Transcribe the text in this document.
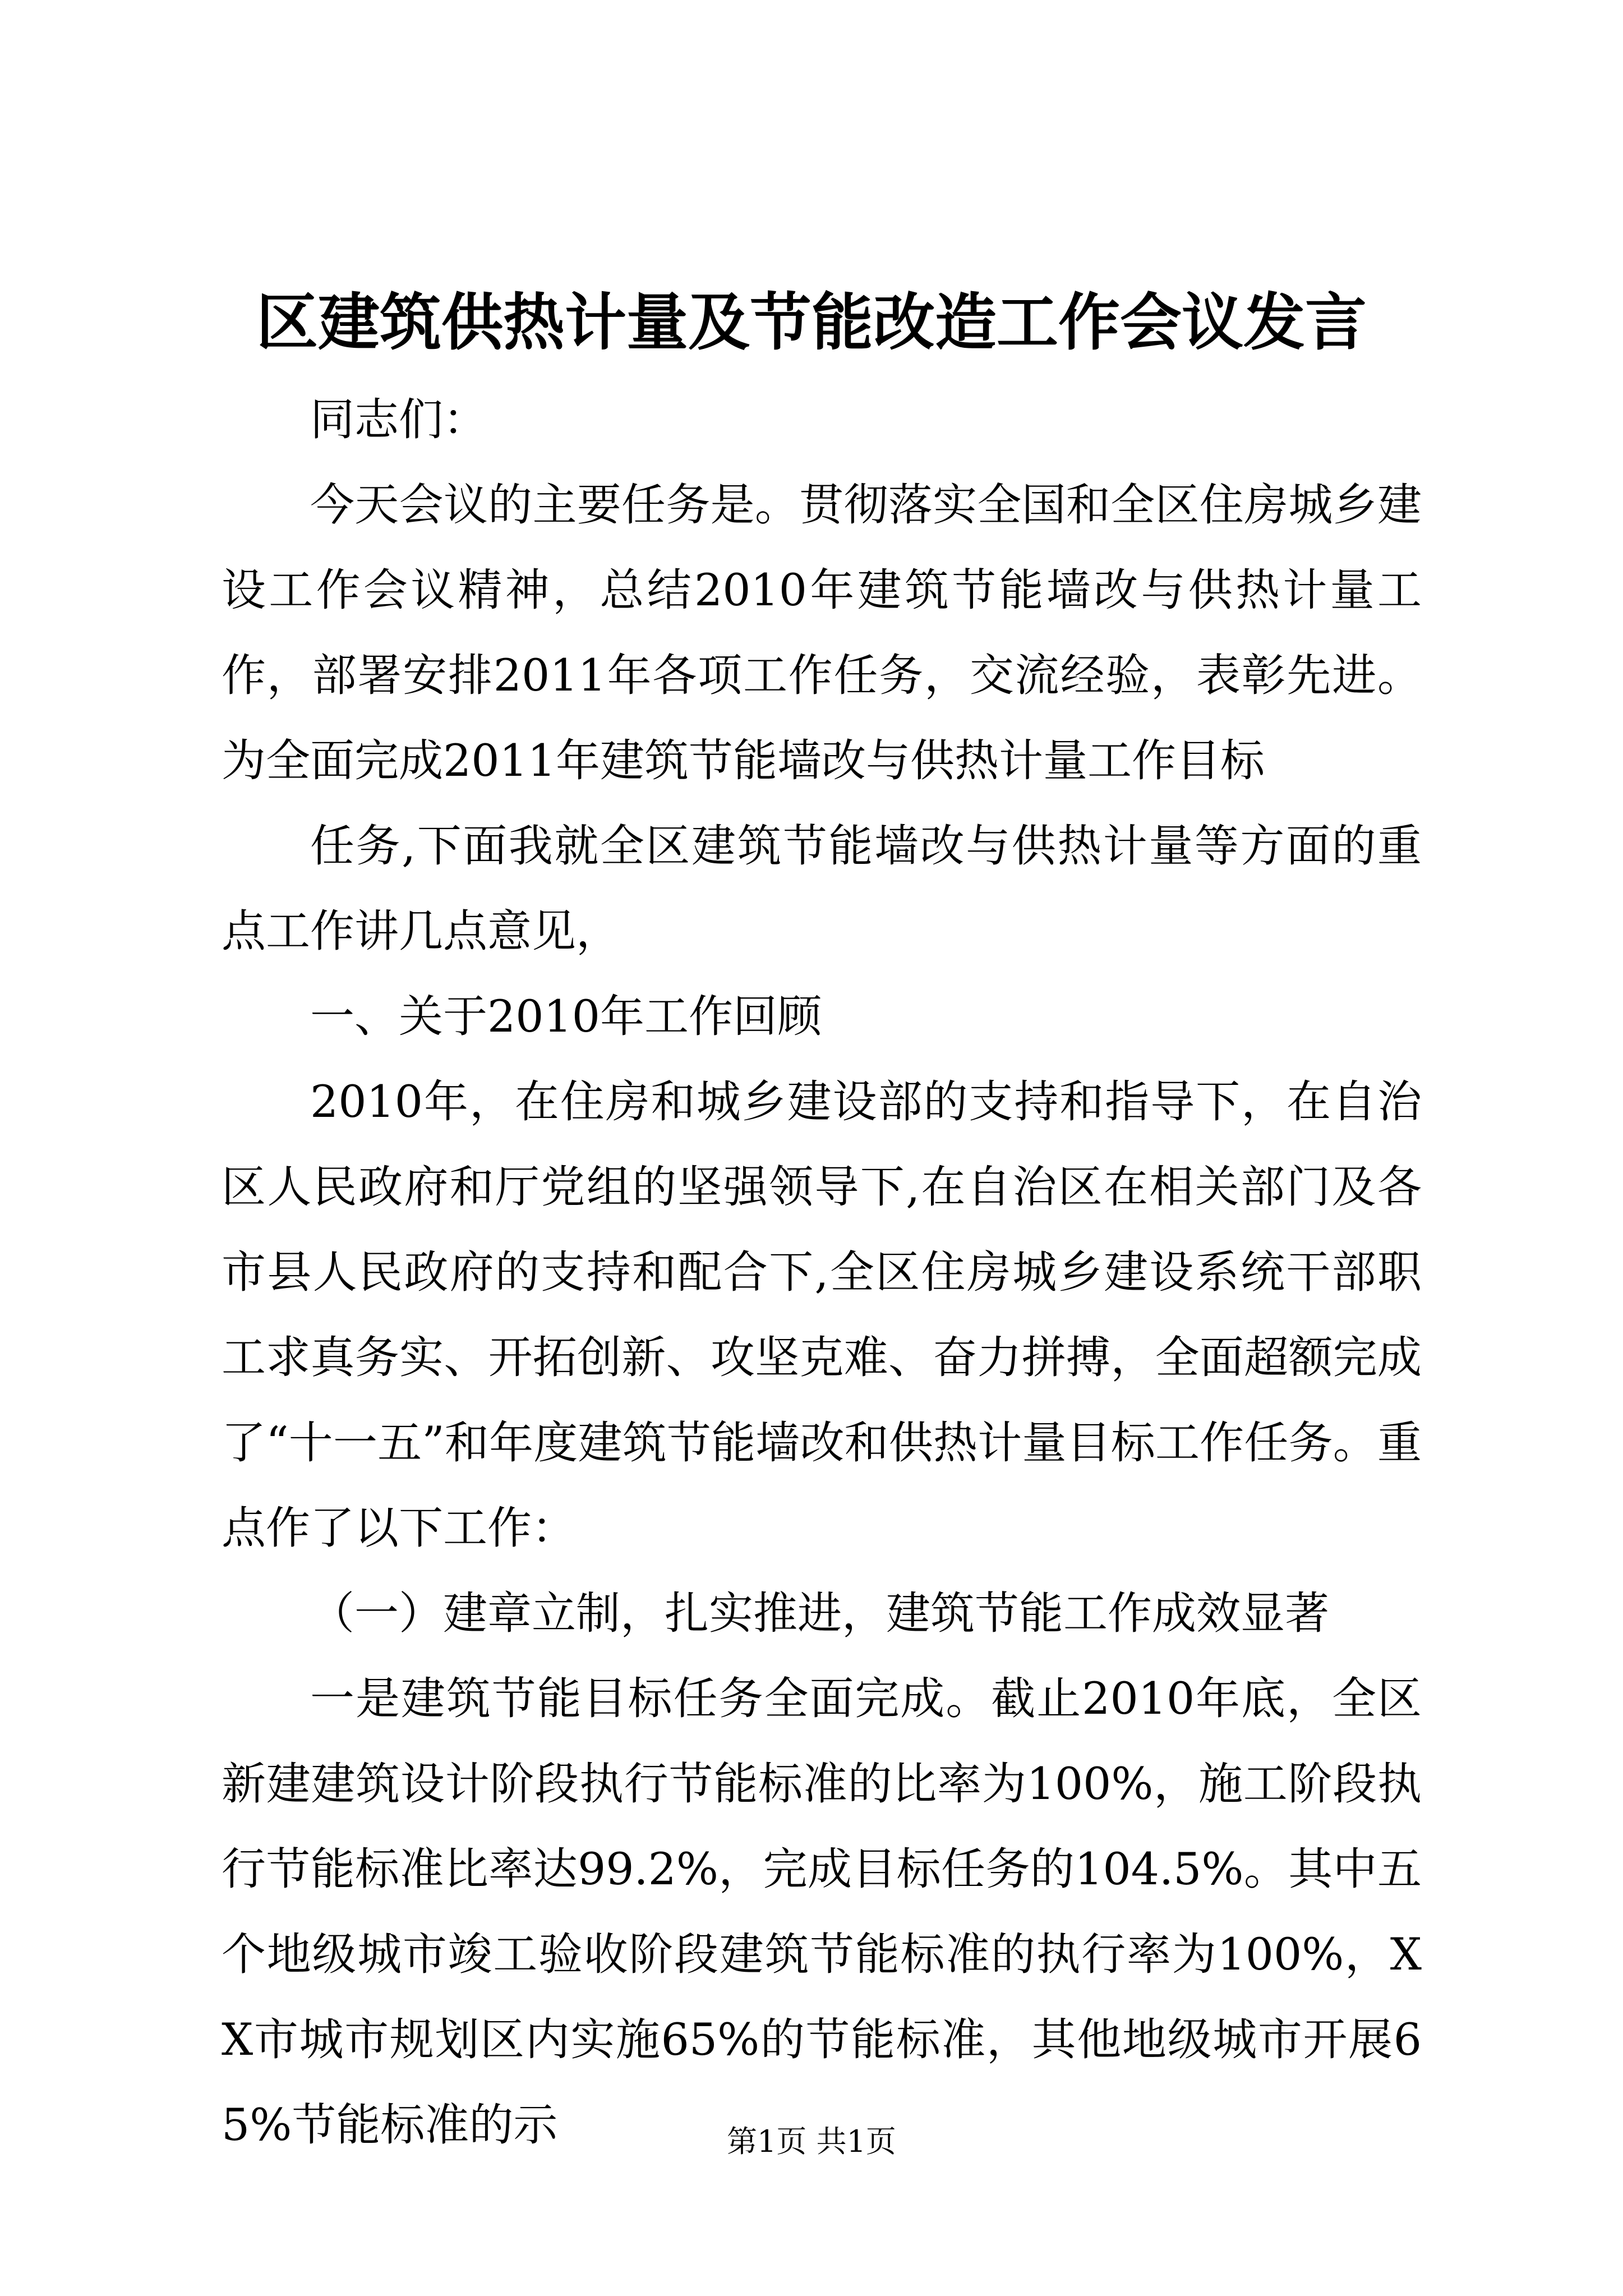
区建筑供热计量及节能改造工作会议发言

同志们：

今天会议的主要任务是。贯彻落实全国和全区住房城乡建设工作会议精神，总结2010年建筑节能墙改与供热计量工作，部署安排2011年各项工作任务，交流经验，表彰先进。为全面完成2011年建筑节能墙改与供热计量工作目标

任务,下面我就全区建筑节能墙改与供热计量等方面的重点工作讲几点意见，

一、关于2010年工作回顾

2010年，在住房和城乡建设部的支持和指导下，在自治区人民政府和厅党组的坚强领导下,在自治区在相关部门及各市县人民政府的支持和配合下,全区住房城乡建设系统干部职工求真务实、开拓创新、攻坚克难、奋力拼搏，全面超额完成了“十一五”和年度建筑节能墙改和供热计量目标工作任务。重点作了以下工作：

（一）建章立制，扎实推进，建筑节能工作成效显著

一是建筑节能目标任务全面完成。截止2010年底，全区新建建筑设计阶段执行节能标准的比率为100%，施工阶段执行节能标准比率达99.2%，完成目标任务的104.5%。其中五个地级城市竣工验收阶段建筑节能标准的执行率为100%，XX市城市规划区内实施65%的节能标准，其他地级城市开展65%节能标准的示	第1页 共1页
